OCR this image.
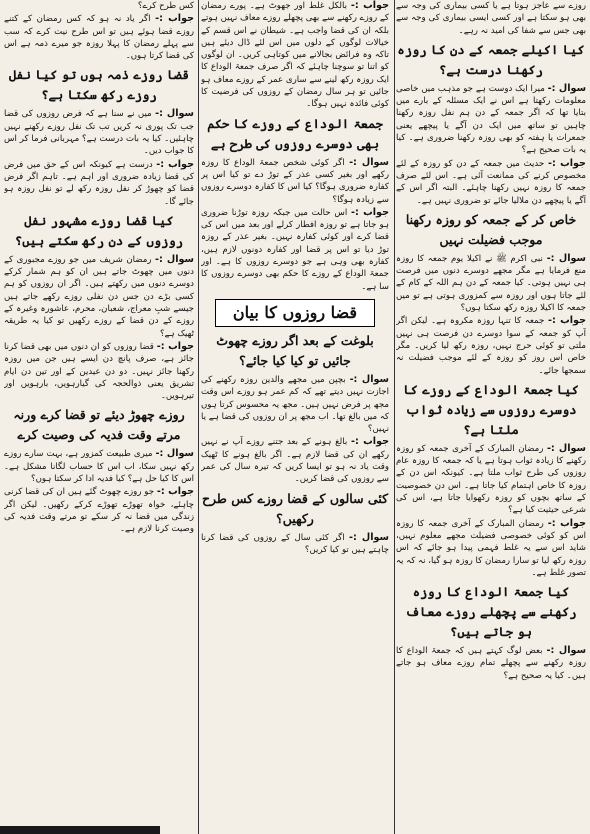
روزے سے عاجز ہوتا ہے یا کسی بیماری کی وجہ سے بھی ہو سکتا ہے اور کسی ایسی بیماری کی وجہ سے بھی جس سے شفا کی امید نہ رہے۔

کیا اکیلے جمعہ کے دن کا روزہ رکھنا درست ہے؟

سوال :- میرا ایک دوست ہے جو مذہب میں خاصی معلومات رکھتا ہے اس نے ایک مسئلہ کے بارے میں بتایا تھا کہ اگر جمعہ کے دن ہم نفل روزہ رکھنا چاہیں تو ساتھ میں ایک دن آگے یا پیچھے یعنی جمعرات یا ہفتہ کو بھی روزہ رکھنا ضروری ہے۔ کیا یہ بات صحیح ہے؟

جواب :- حدیث میں جمعہ کے دن کو روزہ کے لئے مخصوص کرنے کی ممانعت آئی ہے۔ اس لئے صرف جمعہ کا روزہ نہیں رکھنا چاہئے۔ البتہ اگر اس کے آگے یا پیچھے دن ملالیا جائے تو ضروری نہیں ہے۔

خاص کر کے جمعہ کو روزہ رکھنا موجب فضیلت نہیں

سوال :- نبی اکرم ﷺ نے اکیلا یوم جمعہ کا روزہ منع فرمایا ہے مگر مجھے دوسرے دنوں میں فرصت ہی نہیں ہوتی۔ کیا جمعہ کے دن ہم اللہ کے کام کے لئے جاتا ہوں اور روزہ سے کمزوری ہوتی ہے تو میں جمعہ کا اکیلا روزہ رکھ سکتا ہوں؟

جواب :- جمعہ کا تنہا روزہ مکروہ ہے۔ لیکن اگر آپ کو جمعہ کے سوا دوسرے دن فرصت ہی نہیں ملتی تو کوئی حرج نہیں، روزہ رکھ لیا کریں۔ مگر خاص اس روز کو روزہ کے لئے موجب فضیلت نہ سمجھا جائے۔

کیا جمعۃ الوداع کے روزے کا دوسرے روزوں سے زیادہ ثواب ملتا ہے؟

سوال :- رمضان المبارک کے آخری جمعہ کو روزہ رکھنے کا زیادہ ثواب ہوتا ہے یا کہ جمعہ کا روزہ عام روزوں کی طرح ثواب ملتا ہے۔ کیونکہ اس دن کے روزہ کا خاص اہتمام کیا جاتا ہے۔ اس دن خصوصیت کے ساتھ بچوں کو روزہ رکھوایا جاتا ہے، اس کی شرعی حیثیت کیا ہے؟

جواب :- رمضان المبارک کے آخری جمعہ کا روزہ اس کو کوئی خصوصی فضیلت مجھے معلوم نہیں، شاید اس سے یہ غلط فہمی پیدا ہو جائے کہ اس روزہ رکھ لیا تو سارا رمضان کا روزہ ہو گیا، نہ کہ یہ تصور غلط ہے۔

کیا جمعۃ الوداع کا روزہ رکھنے سے پچھلے روزے معاف ہو جاتے ہیں؟

سوال :- بعض لوگ کہتے ہیں کہ جمعۃ الوداع کا روزہ رکھنے سے پچھلے تمام روزے معاف ہو جاتے ہیں۔ کیا یہ صحیح ہے؟

جواب :- بالکل غلط اور جھوٹ ہے۔ پورے رمضان کے روزے رکھنے سے بھی پچھلے روزے معاف نہیں ہوتے بلکہ ان کی قضا واجب ہے۔ شیطان نے اس قسم کے خیالات لوگوں کے دلوں میں اس لئے ڈال دیئے ہیں تاکہ وہ فرائض بجالانے میں کوتاہی کریں۔ ان لوگوں کو اتنا تو سوچنا چاہئے کہ اگر صرف جمعۃ الوداع کا ایک روزہ رکھ لینے سے ساری عمر کے روزے معاف ہو جائیں تو ہر سال رمضان کے روزوں کی فرضیت کا کوئی فائدہ نہیں ہوگا۔

جمعۃ الوداع کے روزے کا حکم بھی دوسرے روزوں کی طرح ہے

سوال :- اگر کوئی شخص جمعۃ الوداع کا روزہ رکھے اور بغیر کسی عذر کے توڑ دے تو کیا اس پر کفارہ ضروری ہوگا؟ کیا اس کا کفارہ دوسرے روزوں سے زیادہ ہوگا؟

جواب :- اس حالت میں جبکہ روزہ توڑنا ضروری ہو جاتا ہے تو روزہ افطار کرلے اور بعد میں اس کی قضا کرے اور کوئی کفارہ نہیں۔ بغیر عذر کے روزہ توڑ دیا تو اس پر قضا اور کفارہ دونوں لازم ہیں، کفارہ بھی وہی ہے جو دوسرے روزوں کا ہے۔ اور جمعۃ الوداع کے روزے کا حکم بھی دوسرے روزوں کا سا ہے۔

قضا روزوں کا بیان
بلوغت کے بعد اگر روزے چھوٹ جائیں تو کیا کیا جائے؟

سوال :- بچپن میں مجھے والدین روزہ رکھنے کی اجازت نہیں دیتے تھے کہ کم عمر ہو روزے اس وقت مجھ پر فرض نہیں ہیں۔ مجھ یہ محسوس کرتا ہوں کہ میں بالغ تھا۔ اب مجھ پر ان روزوں کی قضا ہے یا نہیں؟

جواب :- بالغ ہونے کے بعد جتنے روزے آپ نے نہیں رکھے ان کی قضا لازم ہے۔ اگر بالغ ہونے کا ٹھیک وقت یاد نہ ہو تو ایسا کریں کہ تیرہ سال کی عمر سے روزوں کی قضا کریں۔

کئی سالوں کے قضا روزے کس طرح رکھیں؟

سوال :- اگر کئی سال کے روزوں کی قضا کرنا چاہتے ہیں تو کیا کریں؟

کس طرح کرے؟

جواب :- اگر یاد نہ ہو کہ کس رمضان کے کتنے روزے قضا ہوئے ہیں تو اس طرح نیت کرے کہ سب سے پہلے رمضان کا پہلا روزہ جو میرے ذمہ ہے اس کی قضا کرتا ہوں۔

قضا روزے ذمہ ہوں تو کیا نفل روزے رکھ سکتا ہے؟

سوال :- میں نے سنا ہے کہ فرض روزوں کی قضا جب تک پوری نہ کریں تب تک نفل روزے رکھنے نہیں چاہئیں۔ کیا یہ بات درست ہے؟ مہربانی فرما کر اس کا جواب دیں۔

جواب :- درست ہے کیونکہ اس کے حق میں فرض کی قضا زیادہ ضروری اور اہم ہے۔ تاہم اگر فرض قضا کو چھوڑ کر نفل روزہ رکھ لے تو نفل روزہ ہو جائے گا۔

کیا قضا روزے مشہور نفل روزوں کے دن رکھ سکتے ہیں؟

سوال :- رمضان شریف میں جو روزے مجبوری کے دنوں میں چھوٹ جاتے ہیں ان کو ہم شمار کرکے دوسرے دنوں میں رکھتے ہیں۔ اگر ان روزوں کو ہم کسی بڑے دن جس دن نفلی روزے رکھے جاتے ہیں جیسے شبِ معراج، شعبان، محرم، عاشورہ وغیرہ کے روزے کے دن قضا کے روزے رکھیں تو کیا یہ طریقہ ٹھیک ہے؟

جواب :- قضا روزوں کو ان دنوں میں بھی قضا کرنا جائز ہے، صرف پانچ دن ایسے ہیں جن میں روزہ رکھنا جائز نہیں۔ دو دن عیدین کے اور تین دن ایام تشریق یعنی ذوالحجہ کی گیارہویں، بارہویں اور تیرہویں۔

روزے چھوڑ دیئے تو قضا کرے ورنہ مرتے وقت فدیہ کی وصیت کرے

سوال :- میری طبیعت کمزور ہے، بہت سارے روزے رکھ نہیں سکا، اب اس کا حساب لگانا مشکل ہے۔ اس کا کیا حل ہے؟ کیا فدیہ ادا کر سکتا ہوں؟

جواب :- جو روزے چھوٹ گئے ہیں ان کی قضا کرنی چاہئے، خواہ تھوڑے تھوڑے کرکے رکھیں۔ لیکن اگر زندگی میں قضا نہ کر سکے تو مرتے وقت فدیہ کی وصیت کرنا لازم ہے۔
